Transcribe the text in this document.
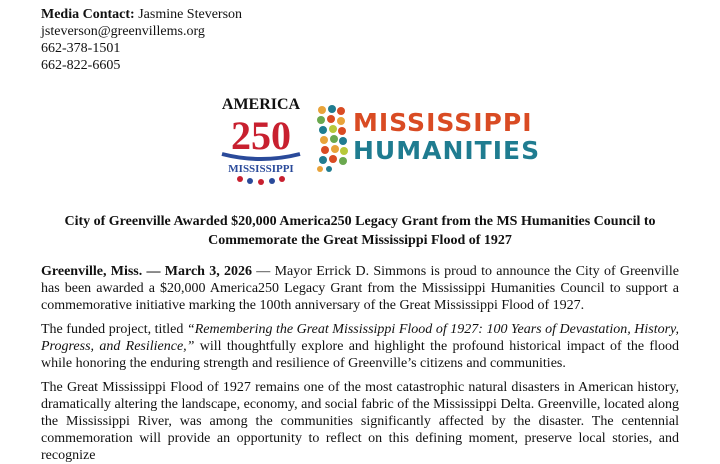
Media Contact: Jasmine Steverson
jsteverson@greenvillems.org
662-378-1501
662-822-6605
AMERICA
250
MISSISSIPPI
MISSISSIPPI
HUMANITIES
City of Greenville Awarded $20,000 America250 Legacy Grant from the MS Humanities Council to
Commemorate the Great Mississippi Flood of 1927
Greenville, Miss. — March 3, 2026 — Mayor Errick D. Simmons is proud to announce the City of Greenville has been awarded a $20,000 America250 Legacy Grant from the Mississippi Humanities Council to support a commemorative initiative marking the 100th anniversary of the Great Mississippi Flood of 1927.
The funded project, titled “Remembering the Great Mississippi Flood of 1927: 100 Years of Devastation, History, Progress, and Resilience,” will thoughtfully explore and highlight the profound historical impact of the flood while honoring the enduring strength and resilience of Greenville’s citizens and communities.
The Great Mississippi Flood of 1927 remains one of the most catastrophic natural disasters in American history, dramatically altering the landscape, economy, and social fabric of the Mississippi Delta. Greenville, located along the Mississippi River, was among the communities significantly affected by the disaster. The centennial commemoration will provide an opportunity to reflect on this defining moment, preserve local stories, and recognize
